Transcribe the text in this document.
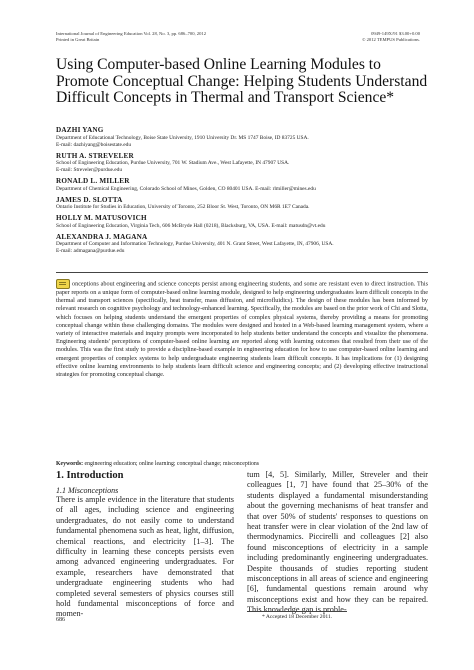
International Journal of Engineering Education Vol. 28, No. 3, pp. 686–700, 2012
Printed in Great Britain
0949-149X/91 $3.00+0.00
© 2012 TEMPUS Publications.
Using Computer-based Online Learning Modules to Promote Conceptual Change: Helping Students Understand Difficult Concepts in Thermal and Transport Science*
DAZHI YANG
Department of Educational Technology, Boise State University, 1910 University Dr. MS 1747 Boise, ID 83725 USA.
E-mail: dazhiyang@boisestate.edu
RUTH A. STREVELER
School of Engineering Education, Purdue University, 701 W. Stadium Ave., West Lafayette, IN 47907 USA.
E-mail: Streveler@purdue.edu
RONALD L. MILLER
Department of Chemical Engineering, Colorado School of Mines, Golden, CO 80401 USA. E-mail: rlmiller@mines.edu
JAMES D. SLOTTA
Ontario Institute for Studies in Education, University of Toronto, 252 Bloor St. West, Toronto, ON M6R 1E7 Canada.
HOLLY M. MATUSOVICH
School of Engineering Education, Virginia Tech, 606 McBryde Hall (0218), Blacksburg, VA, USA. E-mail: matusdn@vt.edu
ALEXANDRA J. MAGANA
Department of Computer and Information Technology, Purdue University, 401 N. Grant Street, West Lafayette, IN, 47906, USA.
E-mail: admagana@purdue.edu
onceptions about engineering and science concepts persist among engineering students, and some are resistant even to direct instruction. This paper reports on a unique form of computer-based online learning module, designed to help engineering undergraduates learn difficult concepts in the thermal and transport sciences (specifically, heat transfer, mass diffusion, and microfluidics). The design of these modules has been informed by relevant research on cognitive psychology and technology-enhanced learning. Specifically, the modules are based on the prior work of Chi and Slotta, which focuses on helping students understand the emergent properties of complex physical systems, thereby providing a means for promoting conceptual change within these challenging domains. The modules were designed and hosted in a Web-based learning management system, where a variety of interactive materials and inquiry prompts were incorporated to help students better understand the concepts and visualize the phenomena. Engineering students' perceptions of computer-based online learning are reported along with learning outcomes that resulted from their use of the modules. This was the first study to provide a discipline-based example in engineering education for how to use computer-based online learning and emergent properties of complex systems to help undergraduate engineering students learn difficult concepts. It has implications for (1) designing effective online learning environments to help students learn difficult science and engineering concepts; and (2) developing effective instructional strategies for promoting conceptual change.
Keywords: engineering education; online learning; conceptual change; misconceptions
1. Introduction
1.1 Misconceptions
There is ample evidence in the literature that students of all ages, including science and engineering undergraduates, do not easily come to understand fundamental phenomena such as heat, light, diffusion, chemical reactions, and electricity [1–3]. The difficulty in learning these concepts persists even among advanced engineering undergraduates. For example, researchers have demonstrated that undergraduate engineering students who had completed several semesters of physics courses still hold fundamental misconceptions of force and momen-
tum [4, 5]. Similarly, Miller, Streveler and their colleagues [1, 7] have found that 25–30% of the students displayed a fundamental misunderstanding about the governing mechanisms of heat transfer and that over 50% of students' responses to questions on heat transfer were in clear violation of the 2nd law of thermodynamics. Piccirelli and colleagues [2] also found misconceptions of electricity in a sample including predominantly engineering undergraduates. Despite thousands of studies reporting student misconceptions in all areas of science and engineering [6], fundamental questions remain around why misconceptions exist and how they can be repaired. This knowledge gap is proble-
* Accepted 18 December 2011.
686
